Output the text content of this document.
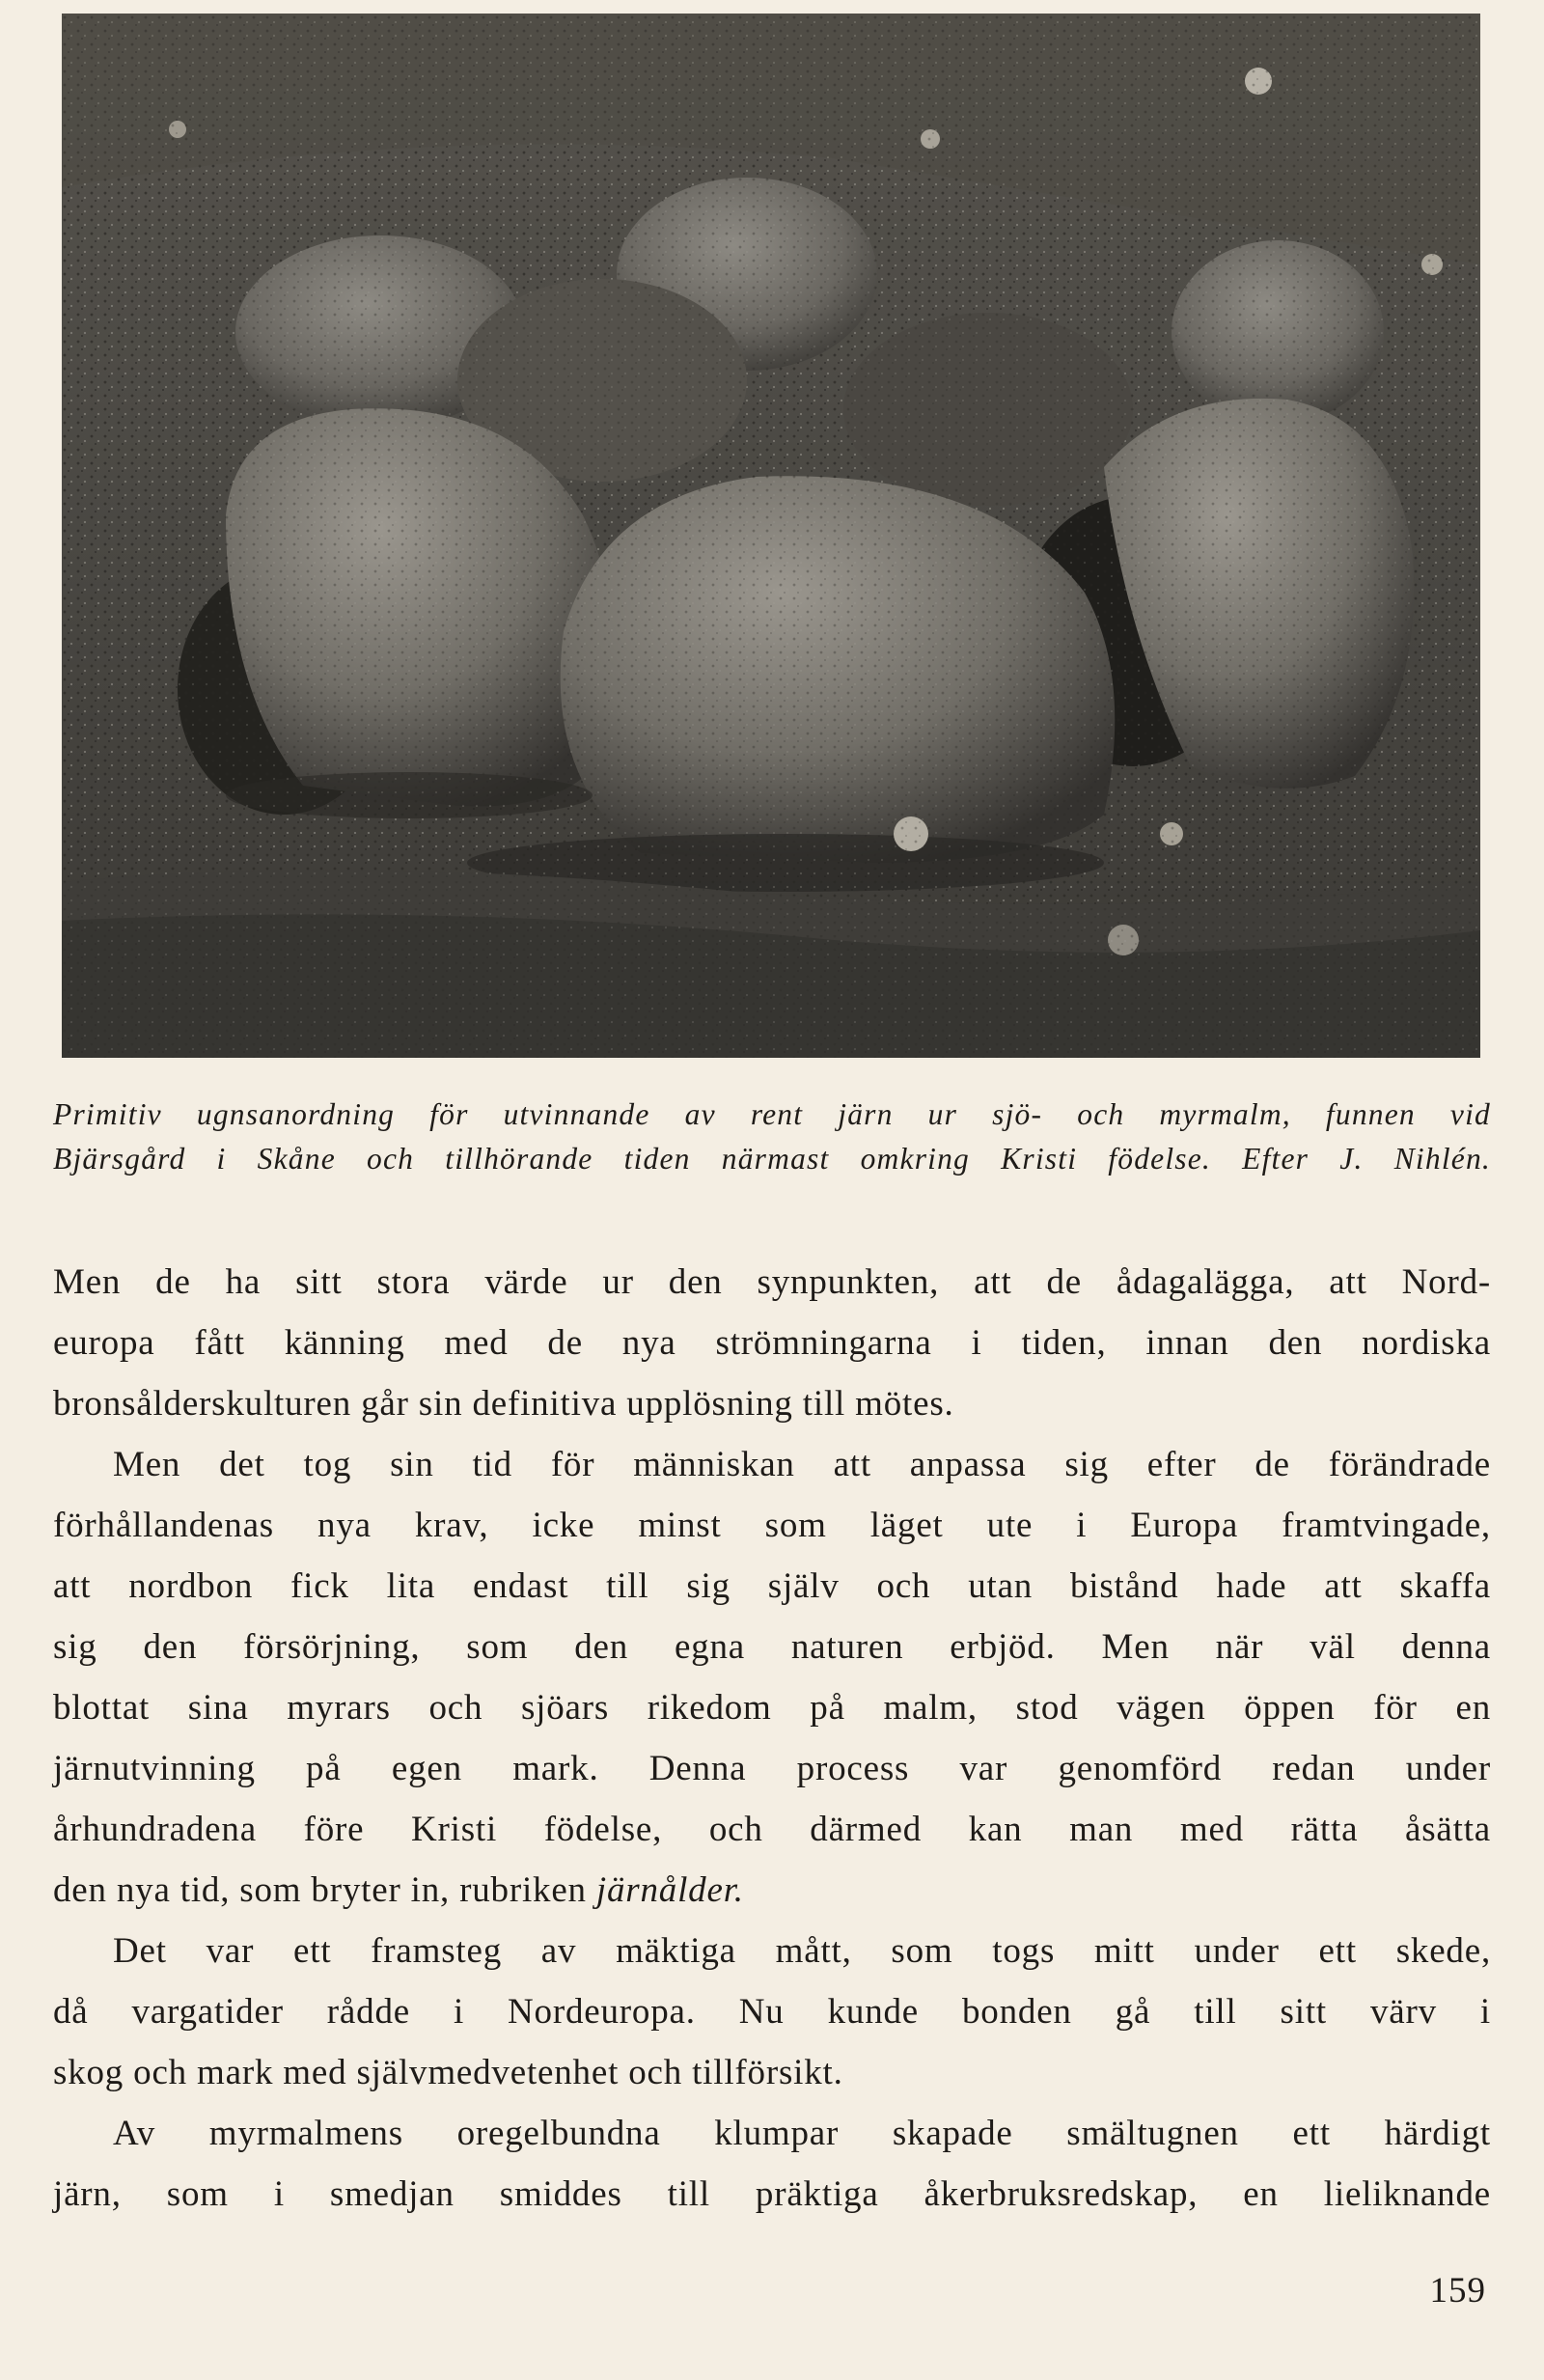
Primitiv ugnsanordning för utvinnande av rent järn ur sjö- och myrmalm, funnen vid
Bjärsgård i Skåne och tillhörande tiden närmast omkring Kristi födelse. Efter J. Nihlén.
Men de ha sitt stora värde ur den synpunkten, att de ådagalägga, att Nord-
europa fått känning med de nya strömningarna i tiden, innan den nordiska
bronsålderskulturen går sin definitiva upplösning till mötes.
Men det tog sin tid för människan att anpassa sig efter de förändrade
förhållandenas nya krav, icke minst som läget ute i Europa framtvingade,
att nordbon fick lita endast till sig själv och utan bistånd hade att skaffa
sig den försörjning, som den egna naturen erbjöd. Men när väl denna
blottat sina myrars och sjöars rikedom på malm, stod vägen öppen för en
järnutvinning på egen mark. Denna process var genomförd redan under
århundradena före Kristi födelse, och därmed kan man med rätta åsätta
den nya tid, som bryter in, rubriken järnålder.
Det var ett framsteg av mäktiga mått, som togs mitt under ett skede,
då vargatider rådde i Nordeuropa. Nu kunde bonden gå till sitt värv i
skog och mark med självmedvetenhet och tillförsikt.
Av myrmalmens oregelbundna klumpar skapade smältugnen ett härdigt
järn, som i smedjan smiddes till präktiga åkerbruksredskap, en lieliknande
159
